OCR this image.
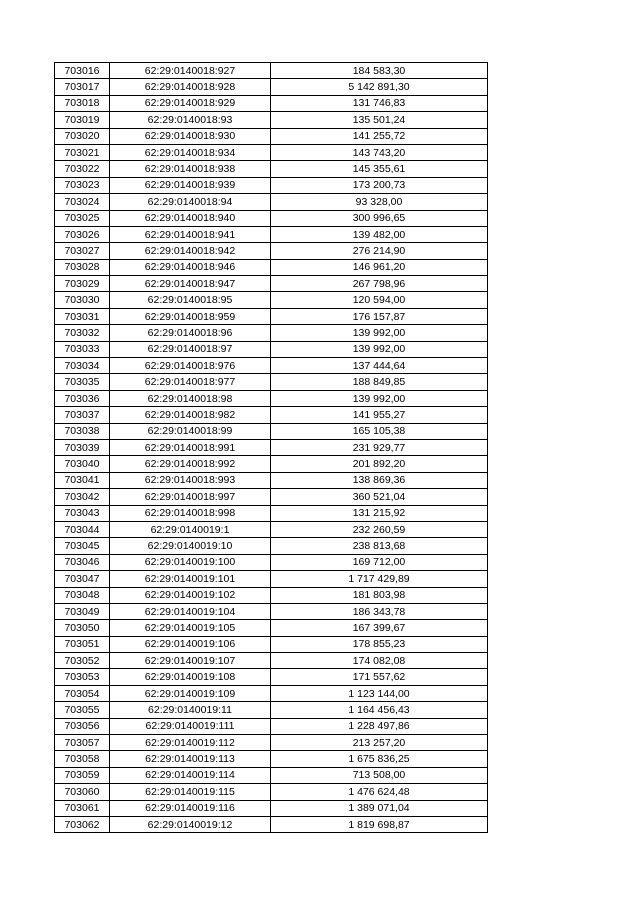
703016	62:29:0140018:927	184 583,30
703017	62:29:0140018:928	5 142 891,30
703018	62:29:0140018:929	131 746,83
703019	62:29:0140018:93	135 501,24
703020	62:29:0140018:930	141 255,72
703021	62:29:0140018:934	143 743,20
703022	62:29:0140018:938	145 355,61
703023	62:29:0140018:939	173 200,73
703024	62:29:0140018:94	93 328,00
703025	62:29:0140018:940	300 996,65
703026	62:29:0140018:941	139 482,00
703027	62:29:0140018:942	276 214,90
703028	62:29:0140018:946	146 961,20
703029	62:29:0140018:947	267 798,96
703030	62:29:0140018:95	120 594,00
703031	62:29:0140018:959	176 157,87
703032	62:29:0140018:96	139 992,00
703033	62:29:0140018:97	139 992,00
703034	62:29:0140018:976	137 444,64
703035	62:29:0140018:977	188 849,85
703036	62:29:0140018:98	139 992,00
703037	62:29:0140018:982	141 955,27
703038	62:29:0140018:99	165 105,38
703039	62:29:0140018:991	231 929,77
703040	62:29:0140018:992	201 892,20
703041	62:29:0140018:993	138 869,36
703042	62:29:0140018:997	360 521,04
703043	62:29:0140018:998	131 215,92
703044	62:29:0140019:1	232 260,59
703045	62:29:0140019:10	238 813,68
703046	62:29:0140019:100	169 712,00
703047	62:29:0140019:101	1 717 429,89
703048	62:29:0140019:102	181 803,98
703049	62:29:0140019:104	186 343,78
703050	62:29:0140019:105	167 399,67
703051	62:29:0140019:106	178 855,23
703052	62:29:0140019:107	174 082,08
703053	62:29:0140019:108	171 557,62
703054	62:29:0140019:109	1 123 144,00
703055	62:29:0140019:11	1 164 456,43
703056	62:29:0140019:111	1 228 497,86
703057	62:29:0140019:112	213 257,20
703058	62:29:0140019:113	1 675 836,25
703059	62:29:0140019:114	713 508,00
703060	62:29:0140019:115	1 476 624,48
703061	62:29:0140019:116	1 389 071,04
703062	62:29:0140019:12	1 819 698,87
